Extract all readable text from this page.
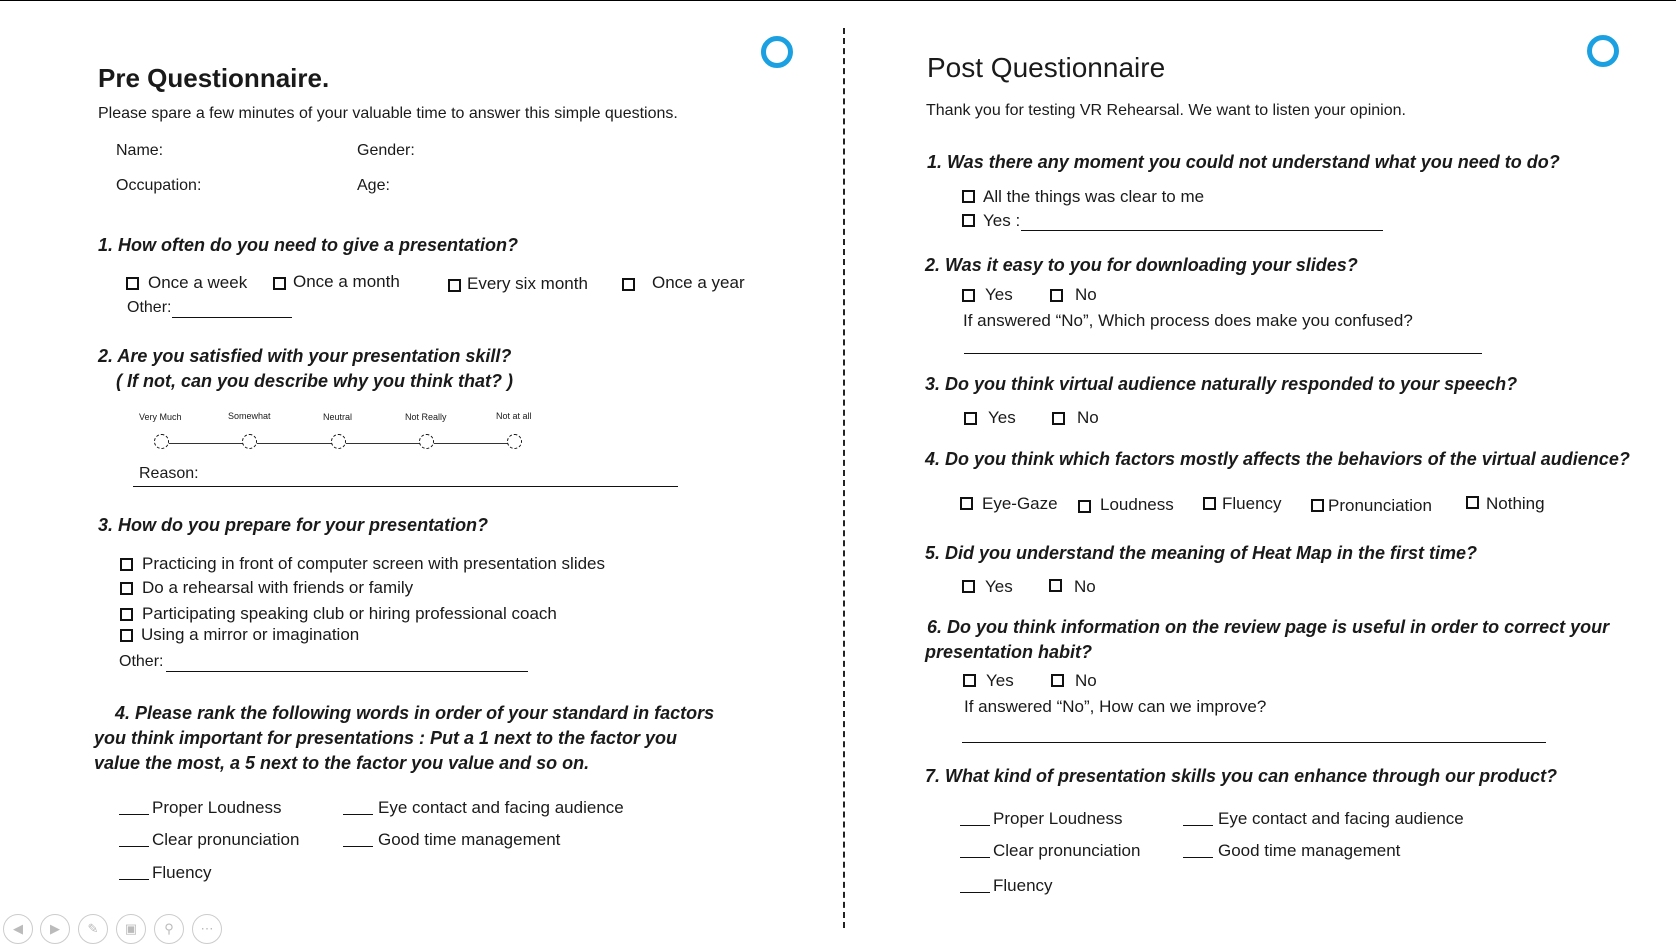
Pre Questionnaire.
Please spare a few minutes of your valuable time to answer this simple questions.
Name:	Gender:
Occupation:	Age:
1. How often do you need to give a presentation?
Once a week	Once a month	Every six month	Once a year
Other:
2. Are you satisfied with your presentation skill?
( If not, can you describe why you think that? )
Very Much	Somewhat	Neutral	Not Really	Not at all
Reason:
3. How do you prepare for your presentation?
Practicing in front of computer screen with presentation slides
Do a rehearsal with friends or family
Participating speaking club or hiring professional coach
Using a mirror or imagination
Other:
4. Please rank the following words in order of your standard in factors
you think important for presentations : Put a 1 next to the factor you
value the most, a 5 next to the factor you value and so on.
Proper Loudness	Eye contact and facing audience
Clear pronunciation	Good time management
Fluency
Post Questionnaire
Thank you for testing VR Rehearsal. We want to listen your opinion.
1. Was there any moment you could not understand what you need to do?
All the things was clear to me
Yes :
2. Was it easy to you for downloading your slides?
Yes	No
If answered “No”, Which process does make you confused?
3. Do you think virtual audience naturally responded to your speech?
Yes	No
4. Do you think which factors mostly affects the behaviors of the virtual audience?
Eye-Gaze Loudness	Fluency	Pronunciation	Nothing
5. Did you understand the meaning of Heat Map in the first time?
Yes	No
6. Do you think information on the review page is useful in order to correct your
presentation habit?
Yes	No
If answered “No”, How can we improve?
7. What kind of presentation skills you can enhance through our product?
Proper Loudness	Eye contact and facing audience
Clear pronunciation	Good time management
Fluency
◀	▶	✎	▣	⚲	⋯
